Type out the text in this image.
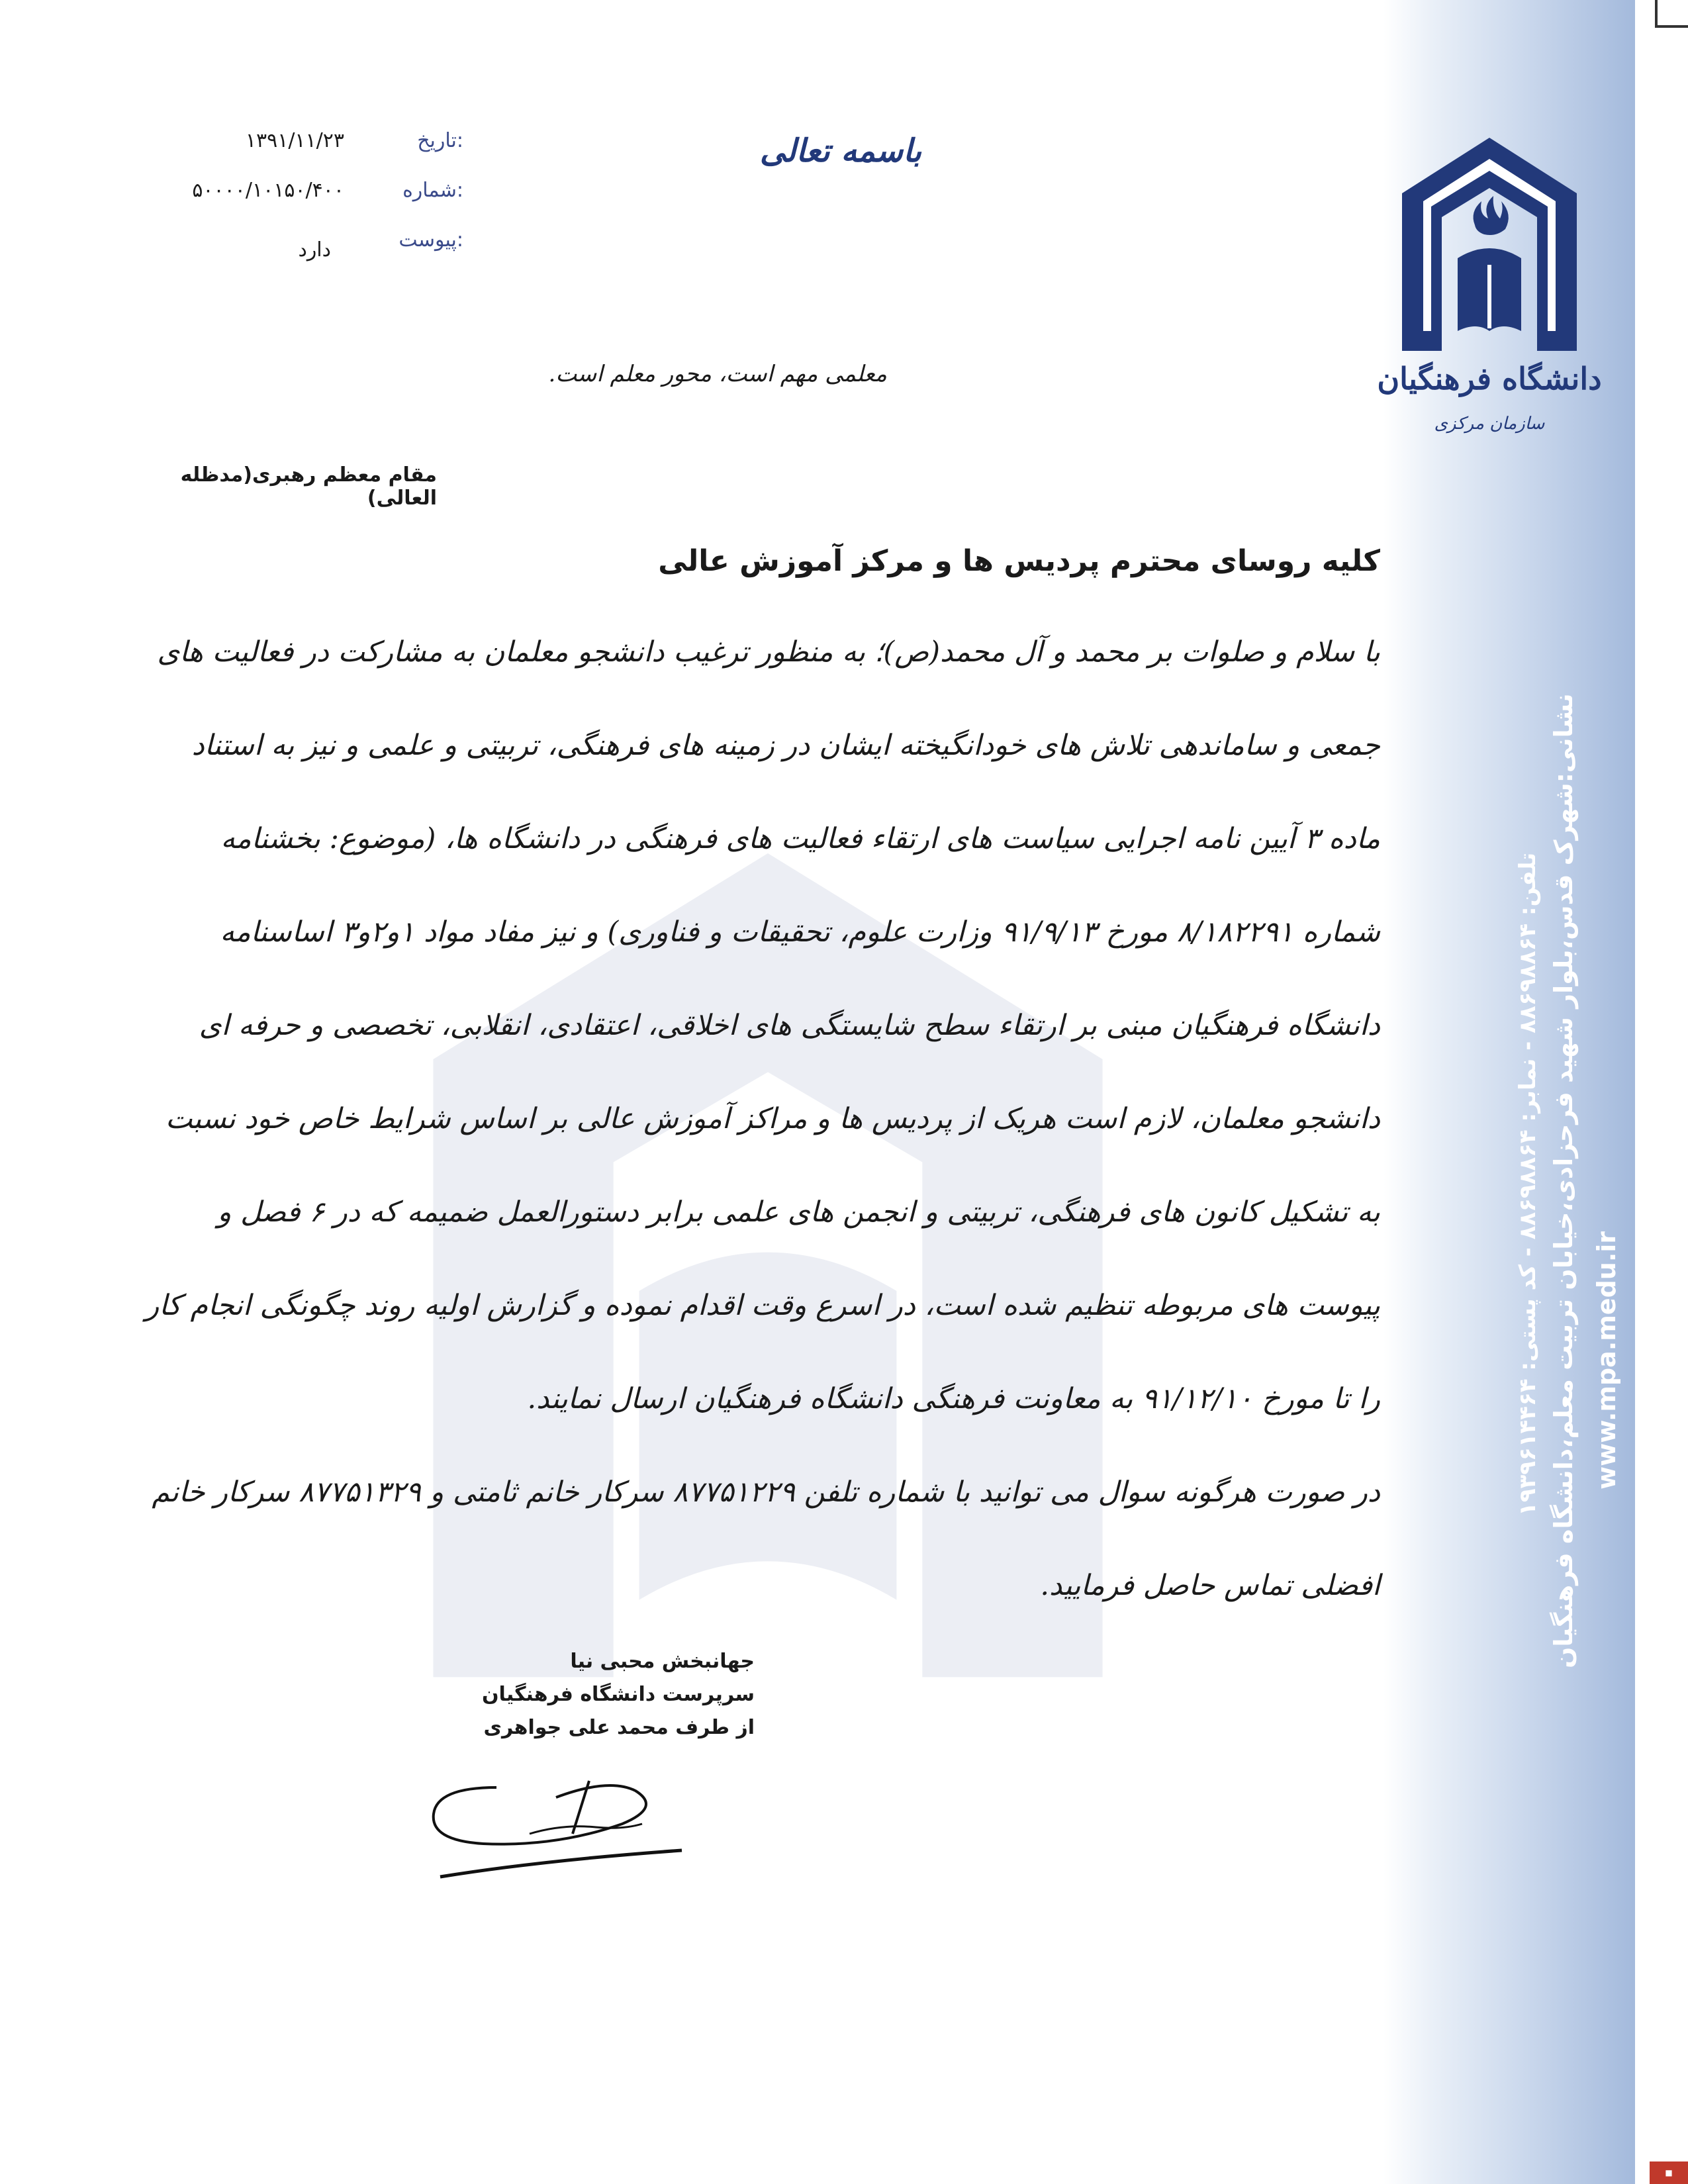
دانشگاه فرهنگیان
سازمان مرکزی
نشانی:شهرک قدس،بلوار شهید فرحزادی،خیابان تربیت معلم،دانشگاه فرهنگیان
تلفن: ۸۸۶۹۸۸۶۴ - نمابر: ۸۸۶۹۸۸۶۴ - کد پستی: ۱۹۳۹۶۱۴۴۶۴
www.mpa.medu.ir
باسمه تعالی
تاریخ:
۱۳۹۱/۱۱/۲۳
شماره:
۵۰۰۰۰/۱۰۱۵۰/۴۰۰
پیوست:
دارد
معلمی مهم است، محور معلم است.
مقام معظم رهبری(مدظله العالی)
کلیه روسای محترم پردیس ها و مرکز آموزش عالی

با سلام و صلوات بر محمد و آل محمد(ص)؛ به منظور ترغیب دانشجو معلمان به مشارکت در فعالیت های جمعی و ساماندهی تلاش های خودانگیخته ایشان در زمینه های فرهنگی، تربیتی و علمی و نیز به استناد ماده ۳ آیین نامه اجرایی سیاست های ارتقاء فعالیت های فرهنگی در دانشگاه ها، (موضوع: بخشنامه شماره ۸/۱۸۲۲۹۱ مورخ ۹۱/۹/۱۳ وزارت علوم، تحقیقات و فناوری) و نیز مفاد مواد ۱و۲و۳ اساسنامه دانشگاه فرهنگیان مبنی بر ارتقاء سطح شایستگی های اخلاقی، اعتقادی، انقلابی، تخصصی و حرفه ای دانشجو معلمان، لازم است هریک از پردیس ها و مراکز آموزش عالی بر اساس شرایط خاص خود نسبت به تشکیل کانون های فرهنگی، تربیتی و انجمن های علمی برابر دستورالعمل ضمیمه که در ۶ فصل و پیوست های مربوطه تنظیم شده است، در اسرع وقت اقدام نموده و گزارش اولیه روند چگونگی انجام کار را تا مورخ ۹۱/۱۲/۱۰ به معاونت فرهنگی دانشگاه فرهنگیان ارسال نمایند.

در صورت هرگونه سوال می توانید با شماره تلفن ۸۷۷۵۱۲۲۹ سرکار خانم ثامتی و ۸۷۷۵۱۳۲۹ سرکار خانم افضلی تماس حاصل فرمایید.

جهانبخش محبی نیا
سرپرست دانشگاه فرهنگیان
از طرف محمد علی جواهری
■
